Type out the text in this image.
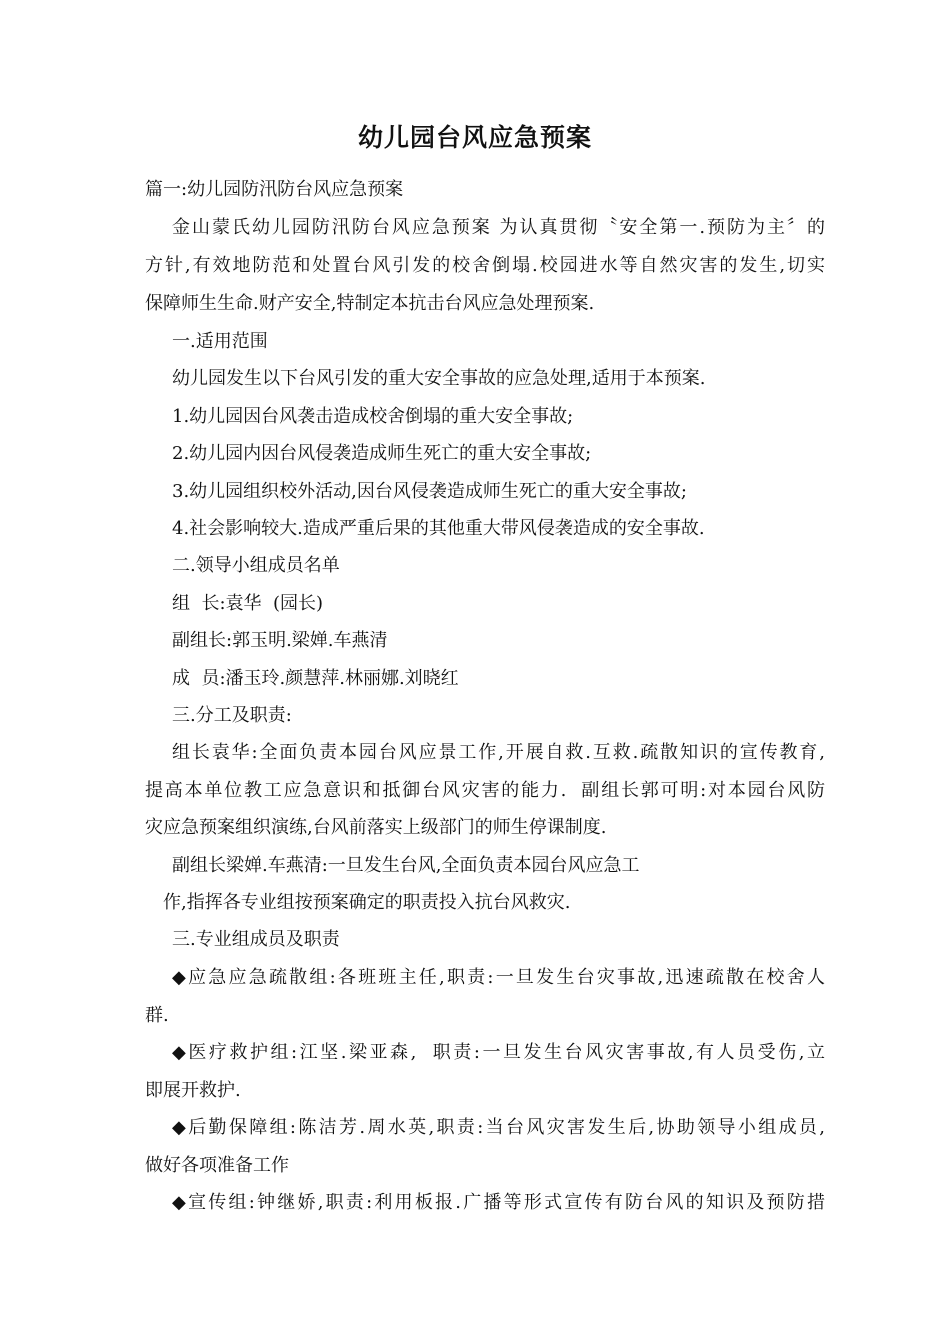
幼儿园台风应急预案
篇一:幼儿园防汛防台风应急预案
金山蒙氏幼儿园防汛防台风应急预案 为认真贯彻〝安全第一.预防为主〞的
方针,有效地防范和处置台风引发的校舍倒塌.校园进水等自然灾害的发生,切实
保障师生生命.财产安全,特制定本抗击台风应急处理预案.
一.适用范围
幼儿园发生以下台风引发的重大安全事故的应急处理,适用于本预案.
1.幼儿园因台风袭击造成校舍倒塌的重大安全事故;
2.幼儿园内因台风侵袭造成师生死亡的重大安全事故;
3.幼儿园组织校外活动,因台风侵袭造成师生死亡的重大安全事故;
4.社会影响较大.造成严重后果的其他重大带风侵袭造成的安全事故.
二.领导小组成员名单
组  长:袁华  (园长)
副组长:郭玉明.梁婵.车燕清
成  员:潘玉玲.颜慧萍.林丽娜.刘晓红
三.分工及职责:
组长袁华:全面负责本园台风应景工作,开展自救.互救.疏散知识的宣传教育,
提高本单位教工应急意识和抵御台风灾害的能力.  副组长郭可明:对本园台风防
灾应急预案组织演练,台风前落实上级部门的师生停课制度.
副组长梁婵.车燕清:一旦发生台风,全面负责本园台风应急工
作,指挥各专业组按预案确定的职责投入抗台风救灾.
三.专业组成员及职责
◆应急应急疏散组:各班班主任,职责:一旦发生台灾事故,迅速疏散在校舍人
群.
◆医疗救护组:江坚.梁亚森,  职责:一旦发生台风灾害事故,有人员受伤,立
即展开救护.
◆后勤保障组:陈洁芳.周水英,职责:当台风灾害发生后,协助领导小组成员,
做好各项准备工作
◆宣传组:钟继娇,职责:利用板报.广播等形式宣传有防台风的知识及预防措
